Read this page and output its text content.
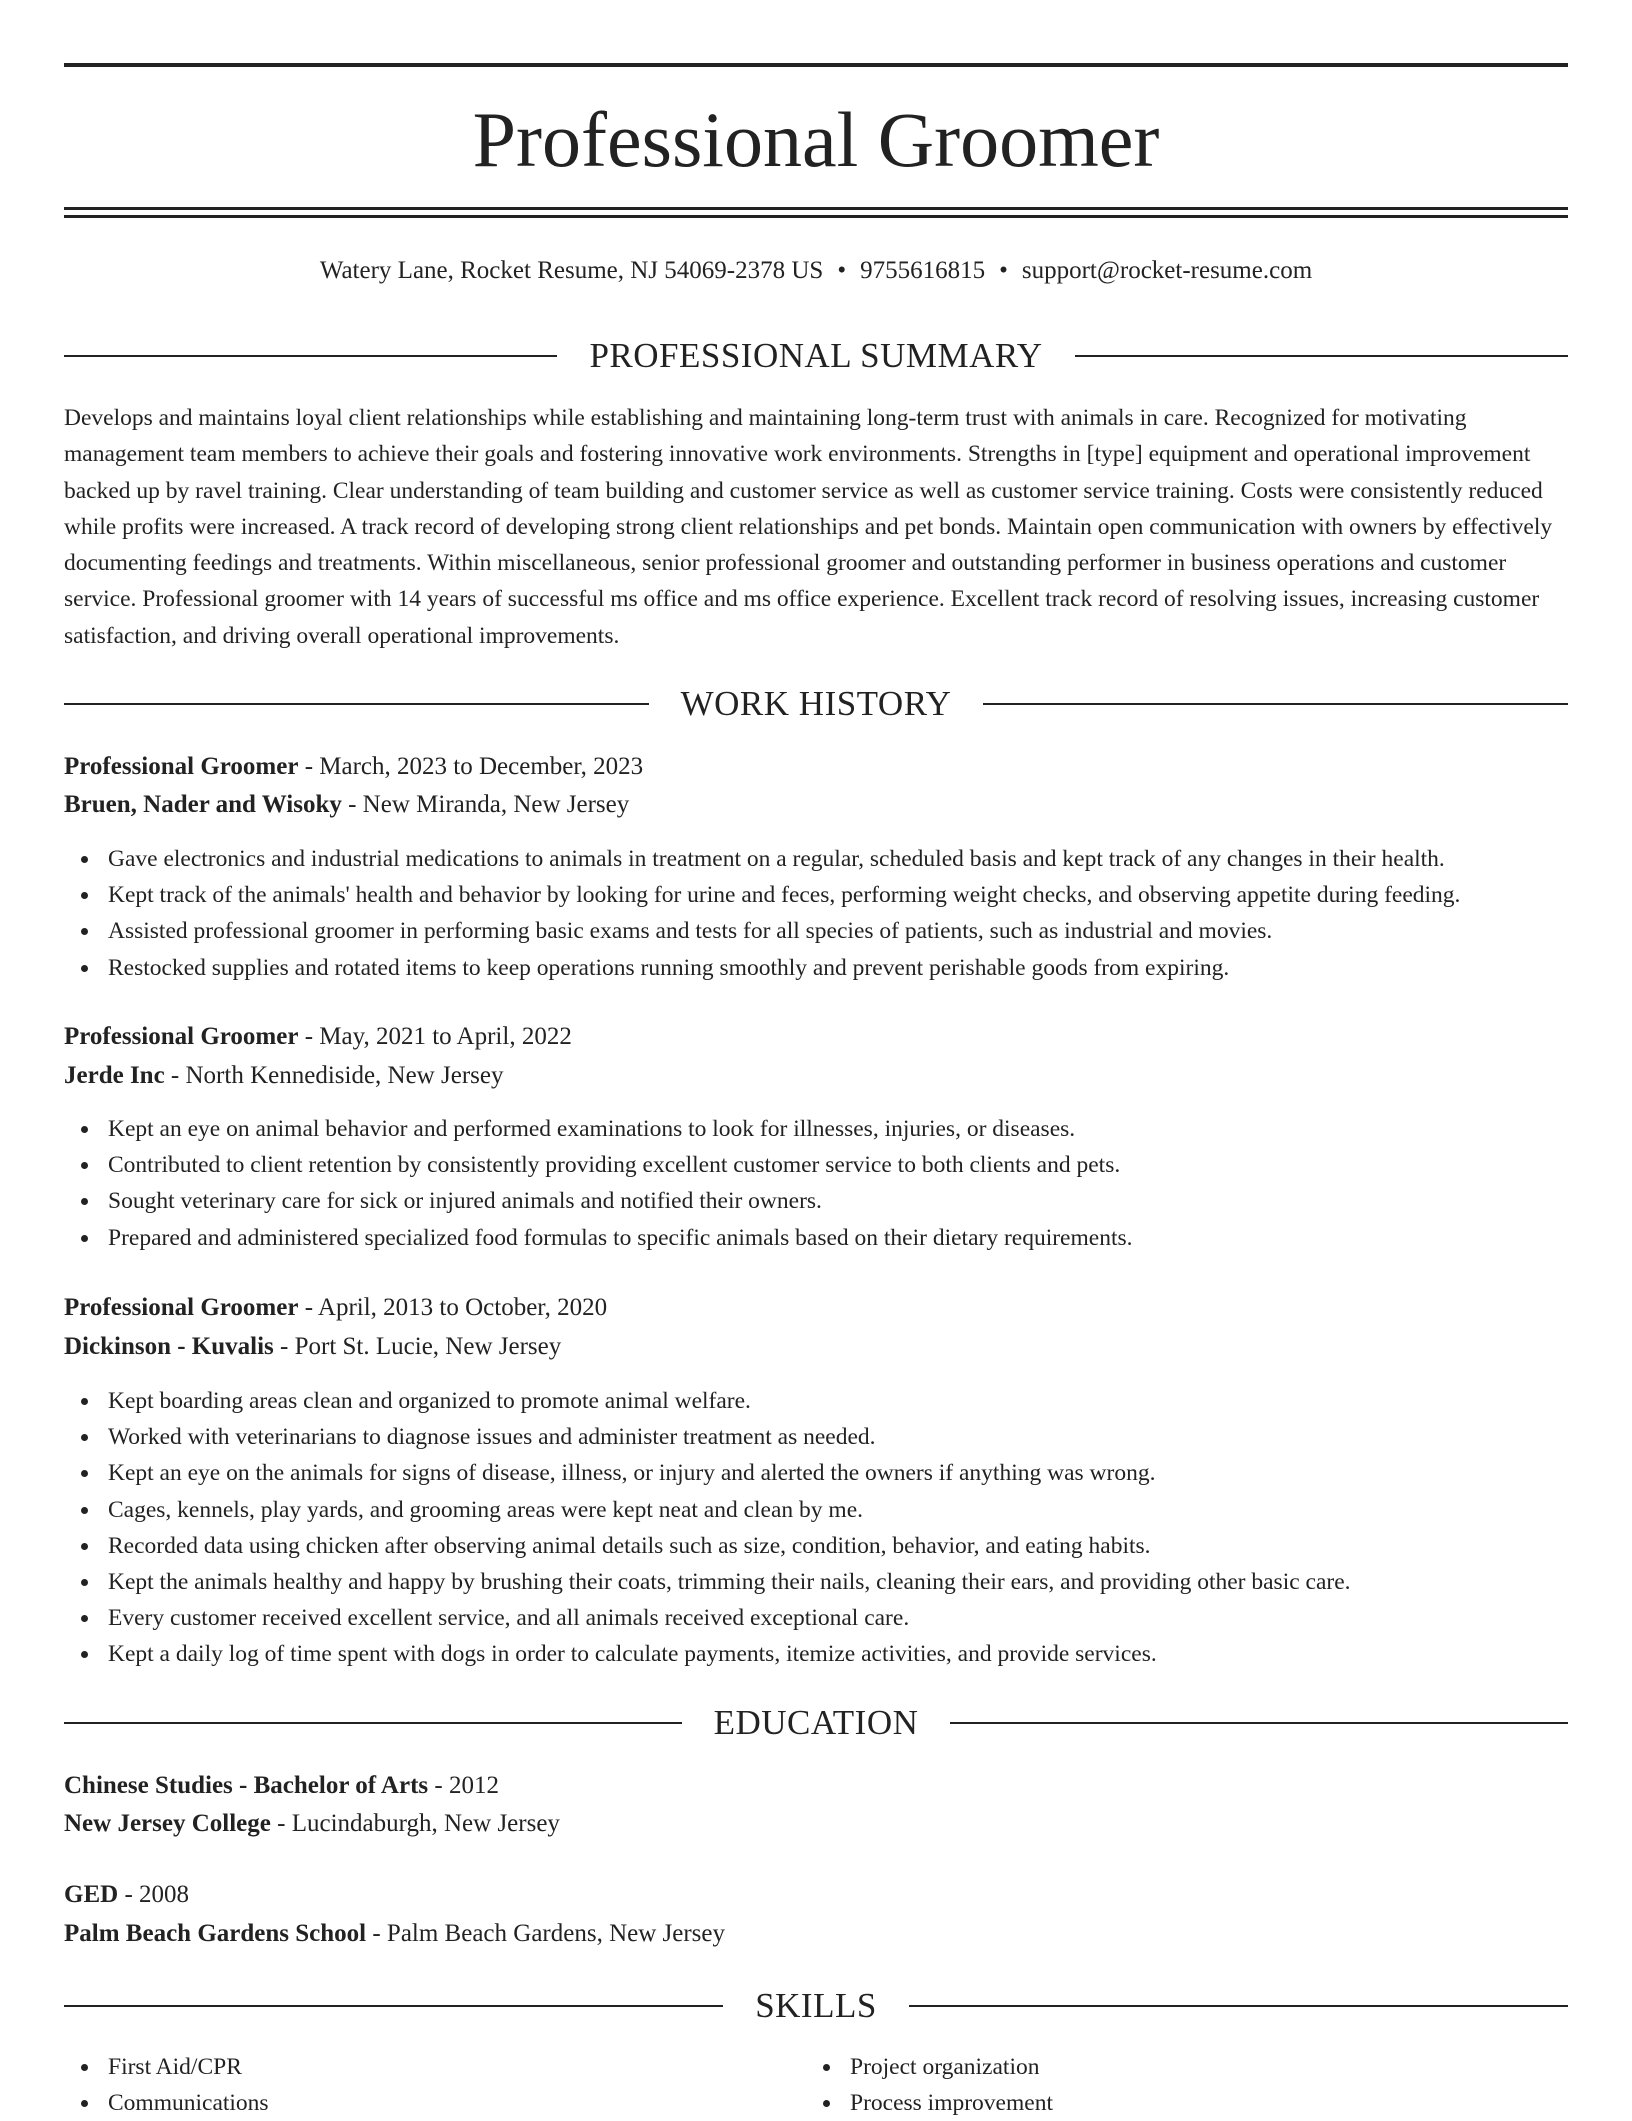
Professional Groomer
Watery Lane, Rocket Resume, NJ 54069-2378 US • 9755616815 • support@rocket-resume.com
PROFESSIONAL SUMMARY

Develops and maintains loyal client relationships while establishing and maintaining long-term trust with animals in care. Recognized for motivating management team members to achieve their goals and fostering innovative work environments. Strengths in [type] equipment and operational improvement backed up by ravel training. Clear understanding of team building and customer service as well as customer service training. Costs were consistently reduced while profits were increased. A track record of developing strong client relationships and pet bonds. Maintain open communication with owners by effectively documenting feedings and treatments. Within miscellaneous, senior professional groomer and outstanding performer in business operations and customer service. Professional groomer with 14 years of successful ms office and ms office experience. Excellent track record of resolving issues, increasing customer satisfaction, and driving overall operational improvements.

WORK HISTORY
Professional Groomer - March, 2023 to December, 2023
Bruen, Nader and Wisoky - New Miranda, New Jersey
Gave electronics and industrial medications to animals in treatment on a regular, scheduled basis and kept track of any changes in their health.
Kept track of the animals' health and behavior by looking for urine and feces, performing weight checks, and observing appetite during feeding.
Assisted professional groomer in performing basic exams and tests for all species of patients, such as industrial and movies.
Restocked supplies and rotated items to keep operations running smoothly and prevent perishable goods from expiring.
Professional Groomer - May, 2021 to April, 2022
Jerde Inc - North Kennediside, New Jersey
Kept an eye on animal behavior and performed examinations to look for illnesses, injuries, or diseases.
Contributed to client retention by consistently providing excellent customer service to both clients and pets.
Sought veterinary care for sick or injured animals and notified their owners.
Prepared and administered specialized food formulas to specific animals based on their dietary requirements.
Professional Groomer - April, 2013 to October, 2020
Dickinson - Kuvalis - Port St. Lucie, New Jersey
Kept boarding areas clean and organized to promote animal welfare.
Worked with veterinarians to diagnose issues and administer treatment as needed.
Kept an eye on the animals for signs of disease, illness, or injury and alerted the owners if anything was wrong.
Cages, kennels, play yards, and grooming areas were kept neat and clean by me.
Recorded data using chicken after observing animal details such as size, condition, behavior, and eating habits.
Kept the animals healthy and happy by brushing their coats, trimming their nails, cleaning their ears, and providing other basic care.
Every customer received excellent service, and all animals received exceptional care.
Kept a daily log of time spent with dogs in order to calculate payments, itemize activities, and provide services.
EDUCATION
Chinese Studies - Bachelor of Arts - 2012
New Jersey College - Lucindaburgh, New Jersey
GED - 2008
Palm Beach Gardens School - Palm Beach Gardens, New Jersey
SKILLS
First Aid/CPR
Communications
Project organization
Process improvement
